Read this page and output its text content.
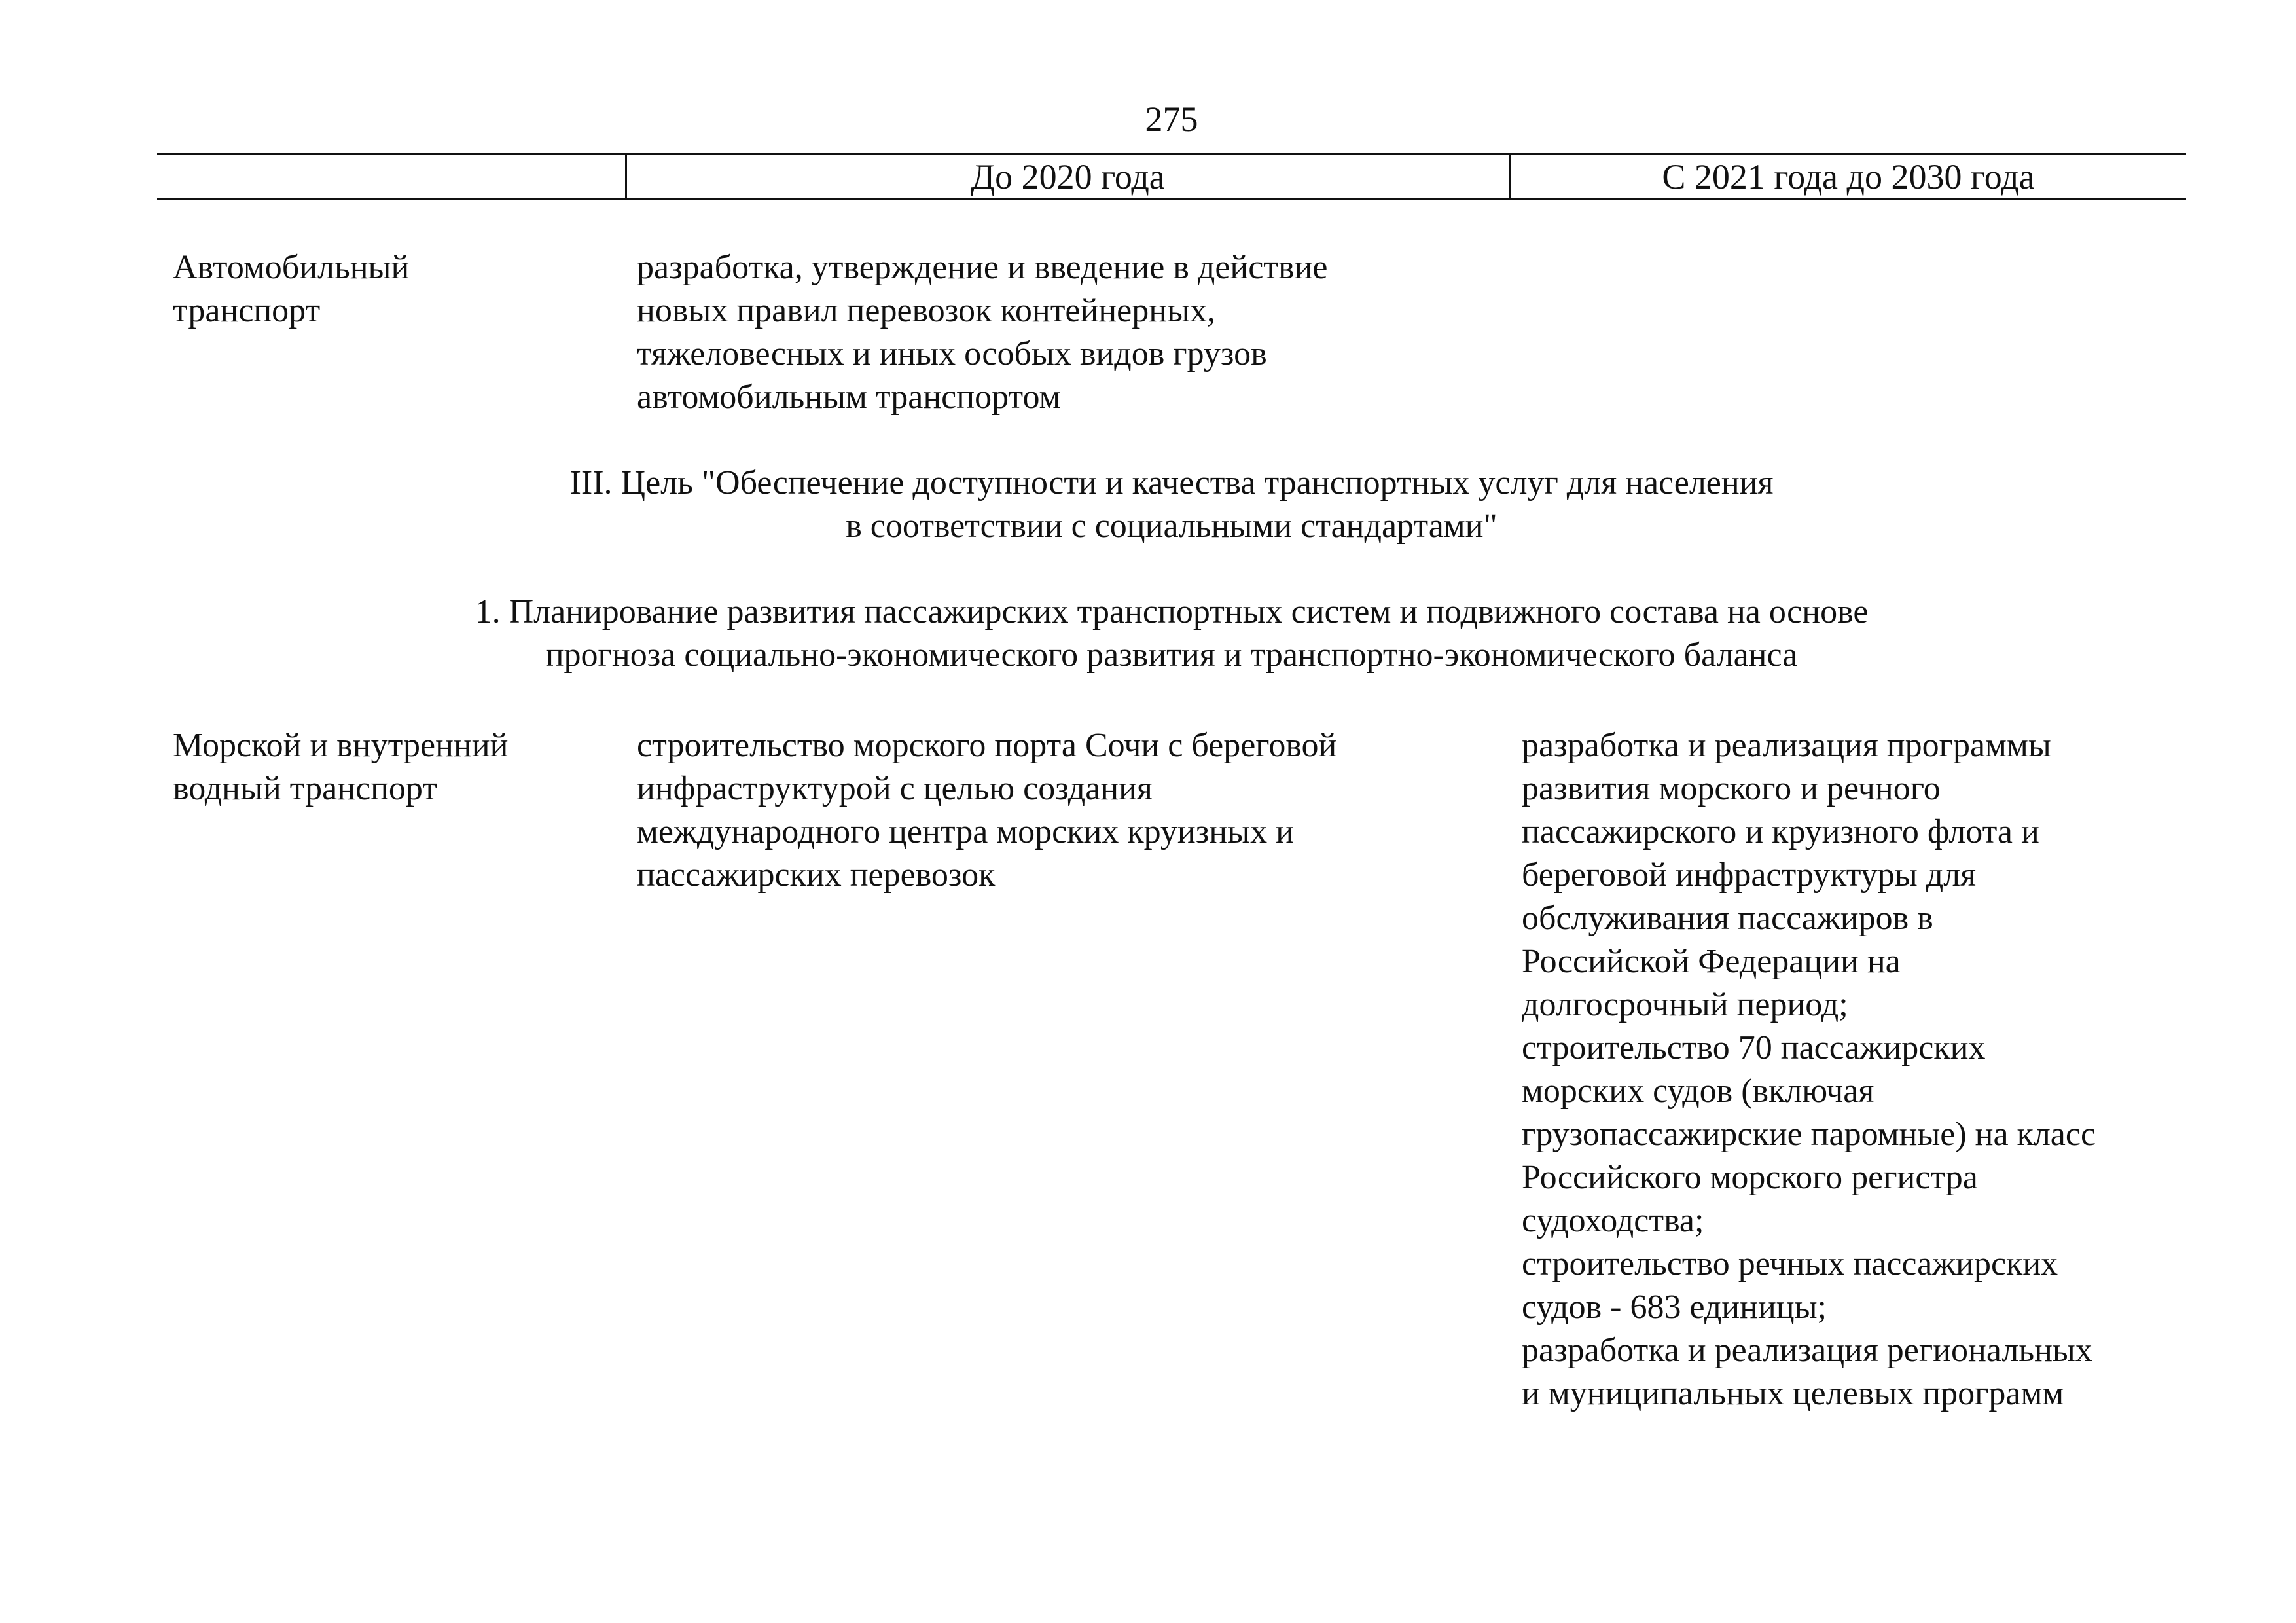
275
До 2020 года	С 2021 года до 2030 года
Автомобильный
транспорт
разработка, утверждение и введение в действие
новых правил перевозок контейнерных,
тяжеловесных и иных особых видов грузов
автомобильным транспортом
III. Цель "Обеспечение доступности и качества транспортных услуг для населения
в соответствии с социальными стандартами"
1. Планирование развития пассажирских транспортных систем и подвижного состава на основе
прогноза социально-экономического развития и транспортно-экономического баланса
Морской и внутренний
водный транспорт
строительство морского порта Сочи с береговой
инфраструктурой с целью создания
международного центра морских круизных и
пассажирских перевозок
разработка и реализация программы
развития морского и речного
пассажирского и круизного флота и
береговой инфраструктуры для
обслуживания пассажиров в
Российской Федерации на
долгосрочный период;
строительство 70 пассажирских
морских судов (включая
грузопассажирские паромные) на класс
Российского морского регистра
судоходства;
строительство речных пассажирских
судов - 683 единицы;
разработка и реализация региональных
и муниципальных целевых программ
